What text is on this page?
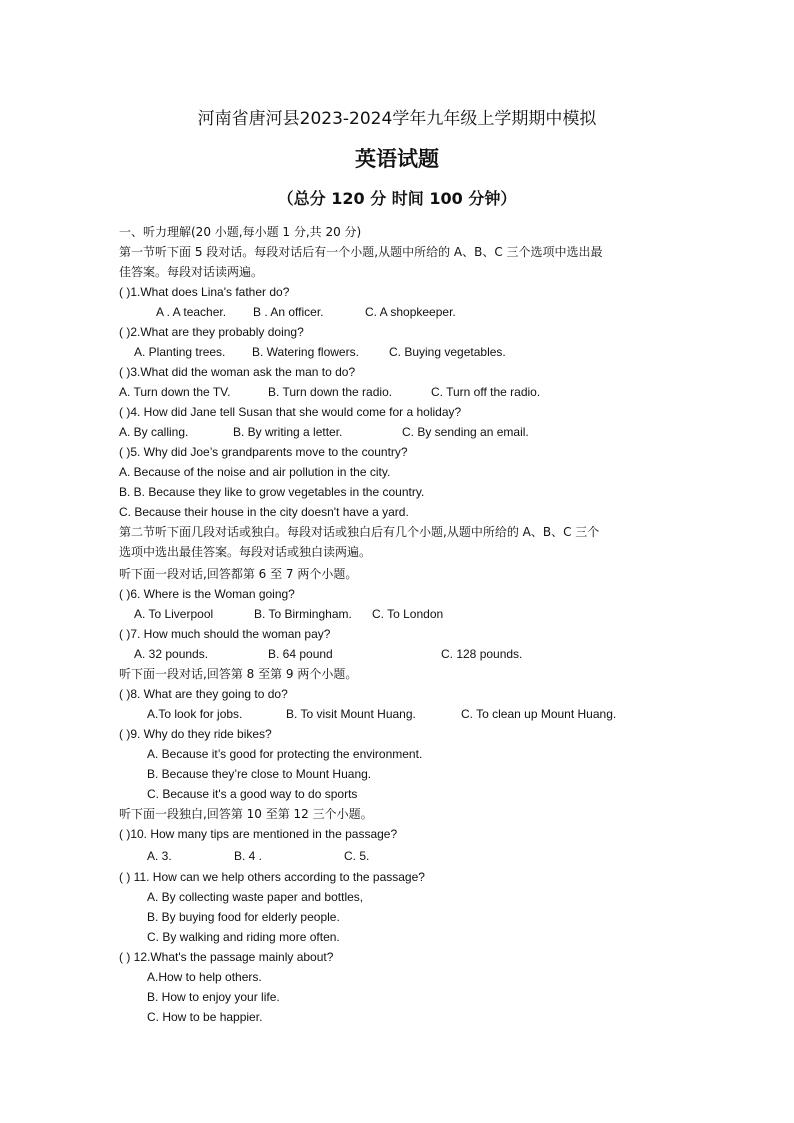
河南省唐河县2023-2024学年九年级上学期期中模拟
英语试题
（总分 120 分 时间 100 分钟）
一、听力理解(20 小题,每小题 1 分,共 20 分)
第一节听下面 5 段对话。每段对话后有一个小题,从题中所给的 A、B、C 三个选项中选出最
佳答案。每段对话读两遍。
( )1.What does Lina's father do?
A . A teacher. B . An officer.	C. A shopkeeper.
( )2.What are they probably doing?
A. Planting trees. B. Watering flowers.	C. Buying vegetables.
( )3.What did the woman ask the man to do?
A. Turn down the TV.	B. Turn down the radio.	C. Turn off the radio.
( )4. How did Jane tell Susan that she would come for a holiday?
A. By calling.	B. By writing a letter.	C. By sending an email.
( )5. Why did Joe’s grandparents move to the country?
A. Because of the noise and air pollution in the city.
B. B. Because they like to grow vegetables in the country.
C. Because their house in the city doesn't have a yard.
第二节听下面几段对话或独白。每段对话或独白后有几个小题,从题中所给的 A、B、C 三个
选项中选出最佳答案。每段对话或独白读两遍。
听下面一段对话,回答都第 6 至 7 两个小题。
( )6. Where is the Woman going?
A. To Liverpool	B. To Birmingham. C. To London
( )7. How much should the woman pay?
A. 32 pounds.	B. 64 pound	C. 128 pounds.
听下面一段对话,回答第 8 至第 9 两个小题。
( )8. What are they going to do?
A.To look for jobs.	B. To visit Mount Huang.	C. To clean up Mount Huang.
( )9. Why do they ride bikes?
A. Because it’s good for protecting the environment.
B. Because they’re close to Mount Huang.
C. Because it's a good way to do sports
听下面一段独白,回答第 10 至第 12 三个小题。
( )10. How many tips are mentioned in the passage?
A. 3.	B. 4 .	C. 5.
( ) 11. How can we help others according to the passage?
A. By collecting waste paper and bottles,
B. By buying food for elderly people.
C. By walking and riding more often.
( ) 12.What's the passage mainly about?
A.How to help others.
B. How to enjoy your life.
C. How to be happier.
